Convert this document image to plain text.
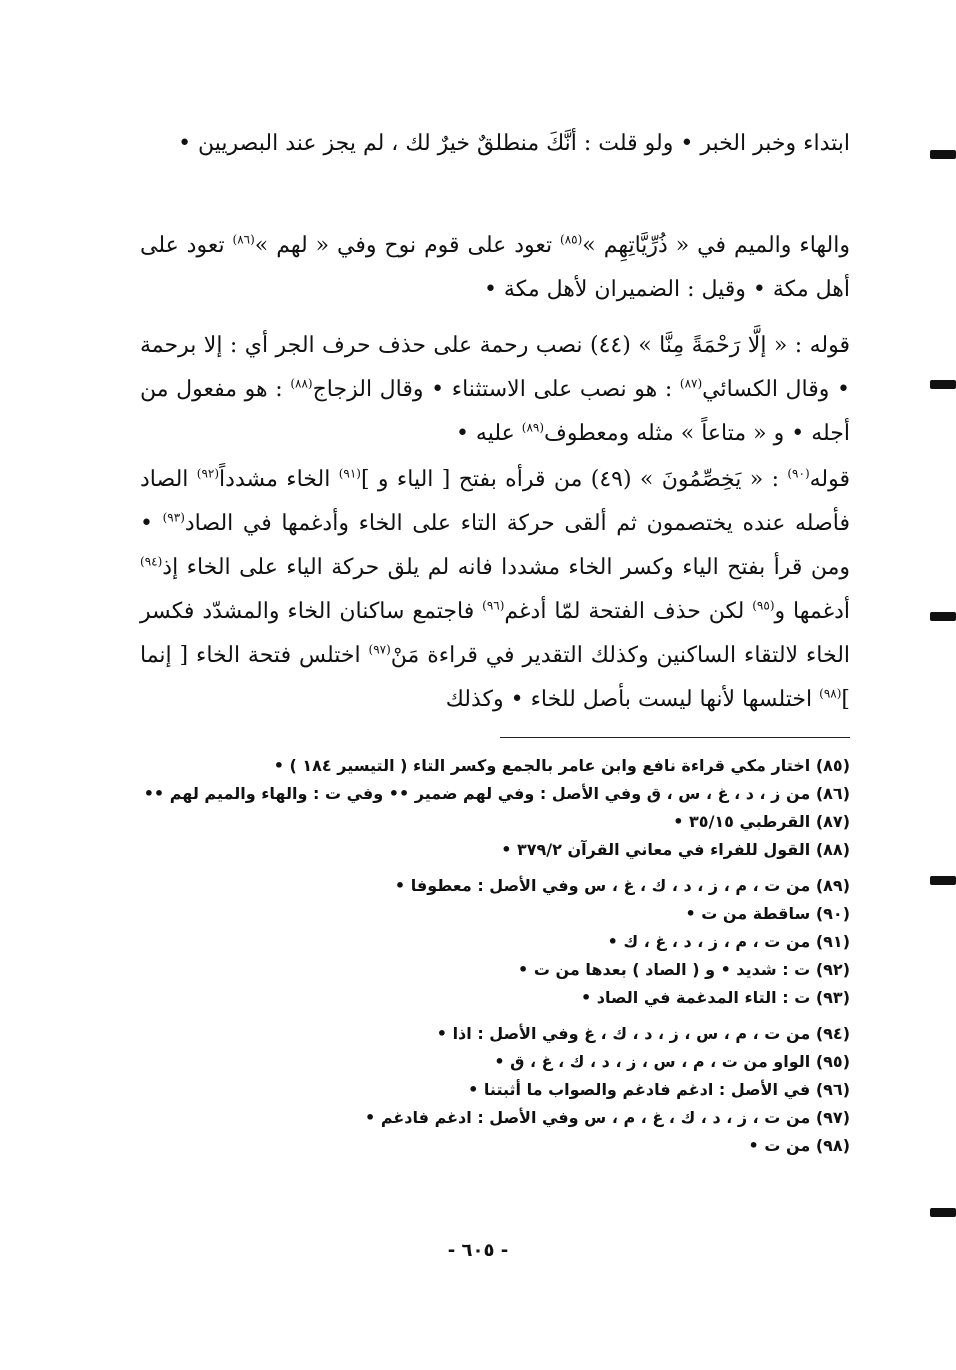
ابتداء وخبر الخبر • ولو قلت : أنَّكَ منطلقٌ خيرٌ لك ، لم يجز عند البصريين •
والهاء والميم في « ذُرِّيَّاتِهِم »$^{(٨٥)}$ تعود على قوم نوح وفي « لهم »$^{(٨٦)}$ تعود على أهل مكة • وقيل : الضميران لأهل مكة •
قوله : « إلَّا رَحْمَةً مِنَّا » (٤٤) نصب رحمة على حذف حرف الجر أي : إلا برحمة • وقال الكسائي$^{(٨٧)}$ : هو نصب على الاستثناء • وقال الزجاج$^{(٨٨)}$ : هو مفعول من أجله • و « متاعاً » مثله ومعطوف$^{(٨٩)}$ عليه •
قوله$^{(٩٠)}$ : « يَخِصِّمُونَ » (٤٩) من قرأه بفتح [ الياء و ]$^{(٩١)}$ الخاء مشدداً$^{(٩٢)}$ الصاد فأصله عنده يختصمون ثم ألقى حركة التاء على الخاء وأدغمها في الصاد$^{(٩٣)}$ • ومن قرأ بفتح الياء وكسر الخاء مشددا فانه لم يلق حركة الياء على الخاء إذ$^{(٩٤)}$ أدغمها و$^{(٩٥)}$ لكن حذف الفتحة لمّا أدغم$^{(٩٦)}$ فاجتمع ساكنان الخاء والمشدّد فكسر الخاء لالتقاء الساكنين وكذلك التقدير في قراءة مَنْ$^{(٩٧)}$ اختلس فتحة الخاء [ إنما ]$^{(٩٨)}$ اختلسها لأنها ليست بأصل للخاء • وكذلك
(٨٥) اختار مكي قراءة نافع وابن عامر بالجمع وكسر التاء ( التيسير ١٨٤ ) •
(٨٦) من ز ، د ، غ ، س ، ق وفي الأصل : وفي لهم ضمير •• وفي ت : والهاء والميم لهم ••
(٨٧) القرطبي ٣٥/١٥ •
(٨٨) القول للفراء في معاني القرآن ٣٧٩/٢ •
(٨٩) من ت ، م ، ز ، د ، ك ، غ ، س وفي الأصل : معطوفا •
(٩٠) ساقطة من ت •
(٩١) من ت ، م ، ز ، د ، غ ، ك •
(٩٢) ت : شديد • و ( الصاد ) بعدها من ت •
(٩٣) ت : التاء المدغمة في الصاد •
(٩٤) من ت ، م ، س ، ز ، د ، ك ، غ وفي الأصل : اذا •
(٩٥) الواو من ت ، م ، س ، ز ، د ، ك ، غ ، ق •
(٩٦) في الأصل : ادغم فادغم والصواب ما أثبتنا •
(٩٧) من ت ، ز ، د ، ك ، غ ، م ، س وفي الأصل : ادغم فادغم •
(٩٨) من ت •
- ٦٠٥ -
